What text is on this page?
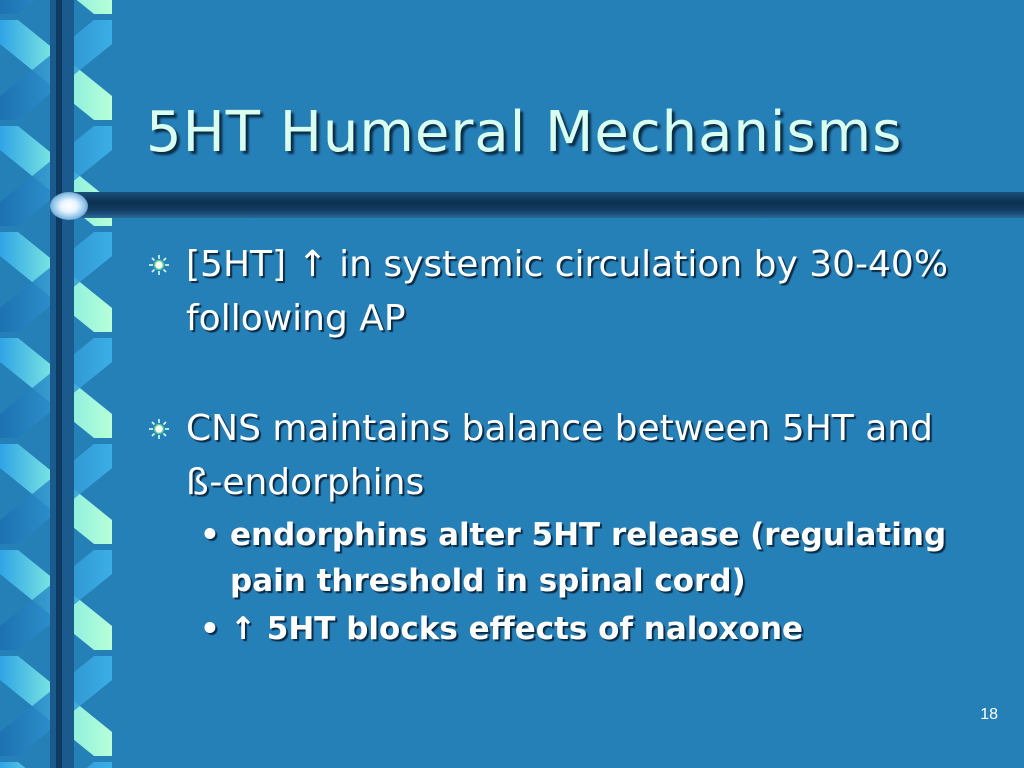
5HT Humeral Mechanisms

[5HT] ↑ in systemic circulation by 30-40% following AP

CNS maintains balance between 5HT and ß-endorphins

• endorphins alter 5HT release (regulating pain threshold in spinal cord)
• ↑ 5HT blocks effects of naloxone
18
